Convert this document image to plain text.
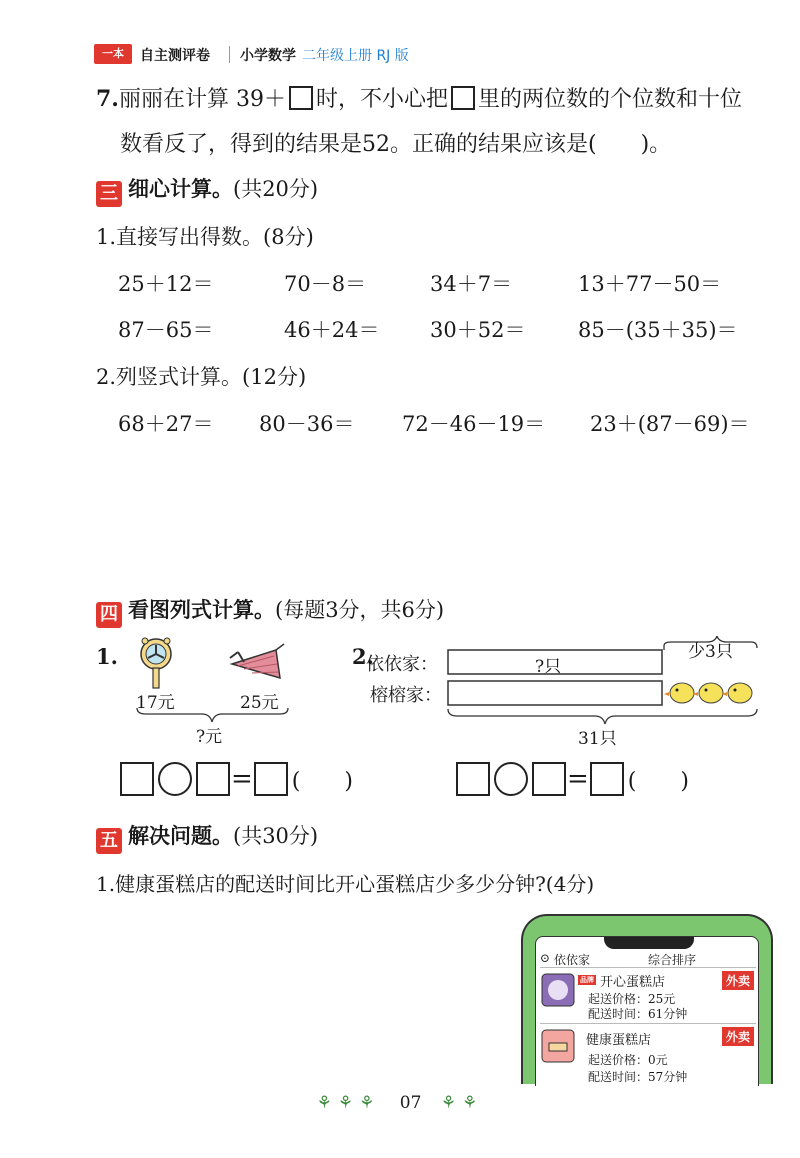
一本	自主测评卷 小学数学 二年级上册 RJ 版
7.丽丽在计算 39＋ 时，不小心把 里的两位数的个位数和十位
数看反了，得到的结果是52。正确的结果应该是(　　)。
三 细心计算。(共20分)
1.直接写出得数。(8分)
25＋12＝	70－8＝	34＋7＝	13＋77－50＝
87－65＝	46＋24＝ 30＋52＝	85－(35＋35)＝
2.列竖式计算。(12分)
68＋27＝ 80－36＝ 72－46－19＝ 23＋(87－69)＝
四 看图列式计算。(每题3分，共6分)
1.
17元	25元
?元
= (　　)
2.
依依家：
榕榕家：
?只
少3只
31只
= (　　)
五 解决问题。(共30分)
1.健康蛋糕店的配送时间比开心蛋糕店少多少分钟?(4分)
⊙ 依依家	综合排序
品牌 开心蛋糕店	外卖
起送价格：25元
配送时间：61分钟
健康蛋糕店	外卖
起送价格：0元
配送时间：57分钟
⚘⚘⚘ 07 ⚘⚘
